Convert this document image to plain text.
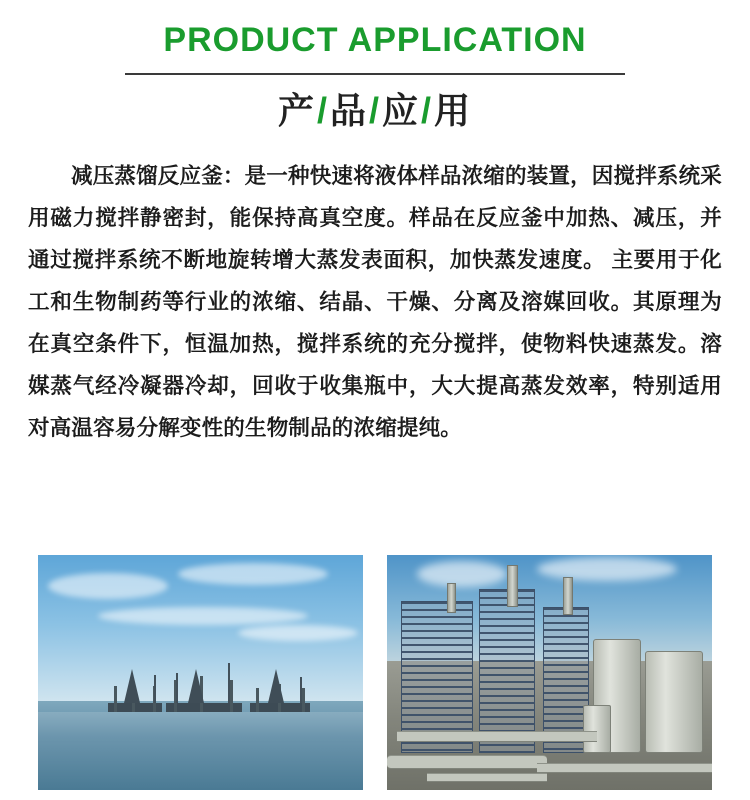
PRODUCT APPLICATION
产/品/应/用

减压蒸馏反应釜：是一种快速将液体样品浓缩的装置，因搅拌系统采用磁力搅拌静密封，能保持高真空度。样品在反应釜中加热、减压，并通过搅拌系统不断地旋转增大蒸发表面积，加快蒸发速度。 主要用于化工和生物制药等行业的浓缩、结晶、干燥、分离及溶媒回收。其原理为在真空条件下，恒温加热，搅拌系统的充分搅拌，使物料快速蒸发。溶媒蒸气经冷凝器冷却，回收于收集瓶中，大大提高蒸发效率，特别适用对高温容易分解变性的生物制品的浓缩提纯。
